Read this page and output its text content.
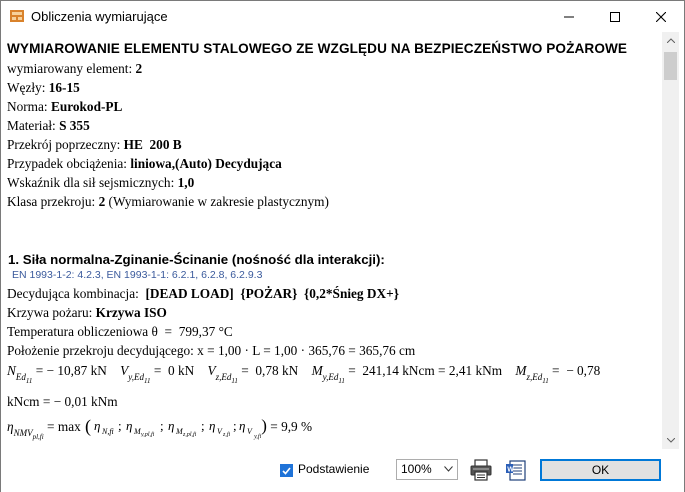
Obliczenia wymiarujące
WYMIAROWANIE ELEMENTU STALOWEGO ZE WZGLĘDU NA BEZPIECZEŃSTWO POŻAROWE
wymiarowany element: 2
Węzły: 16-15
Norma: Eurokod-PL
Materiał: S 355
Przekrój poprzeczny: HE  200 B
Przypadek obciążenia: liniowa,(Auto) Decydująca
Wskaźnik dla sił sejsmicznych: 1,0
Klasa przekroju: 2 (Wymiarowanie w zakresie plastycznym)
1. Siła normalna-Zginanie-Ścinanie (nośność dla interakcji):
EN 1993-1-2: 4.2.3, EN 1993-1-1: 6.2.1, 6.2.8, 6.2.9.3
Decydująca kombinacja:  [DEAD LOAD]  {POŻAR}  {0,2*Śnieg DX+}
Krzywa pożaru: Krzywa ISO
Temperatura obliczeniowa θ  =  799,37 °C
Położenie przekroju decydującego: x = 1,00 · L = 1,00 · 365,76 = 365,76 cm
$N_{Ed_{11}}$ = − 10,87 kN $V_{y,Ed_{11}} = 0$ kN $V_{z,Ed_{11}} = 0,78$ kN $M_{y,Ed_{11}} = 241,14$ kNcm = 2,41 kNm $M_{z,Ed_{11}}$ =  − 0,78
kNcm = − 0,01 kNm
$\eta_{NMV_{pl,fi}} = \max$ ( η N,fi ; η M y,pl,fi
; η M z,pl,fi
; η V z,fi
; η V
$_{y,fi}$) = 9,9 %
Podstawienie	100%	W	OK
